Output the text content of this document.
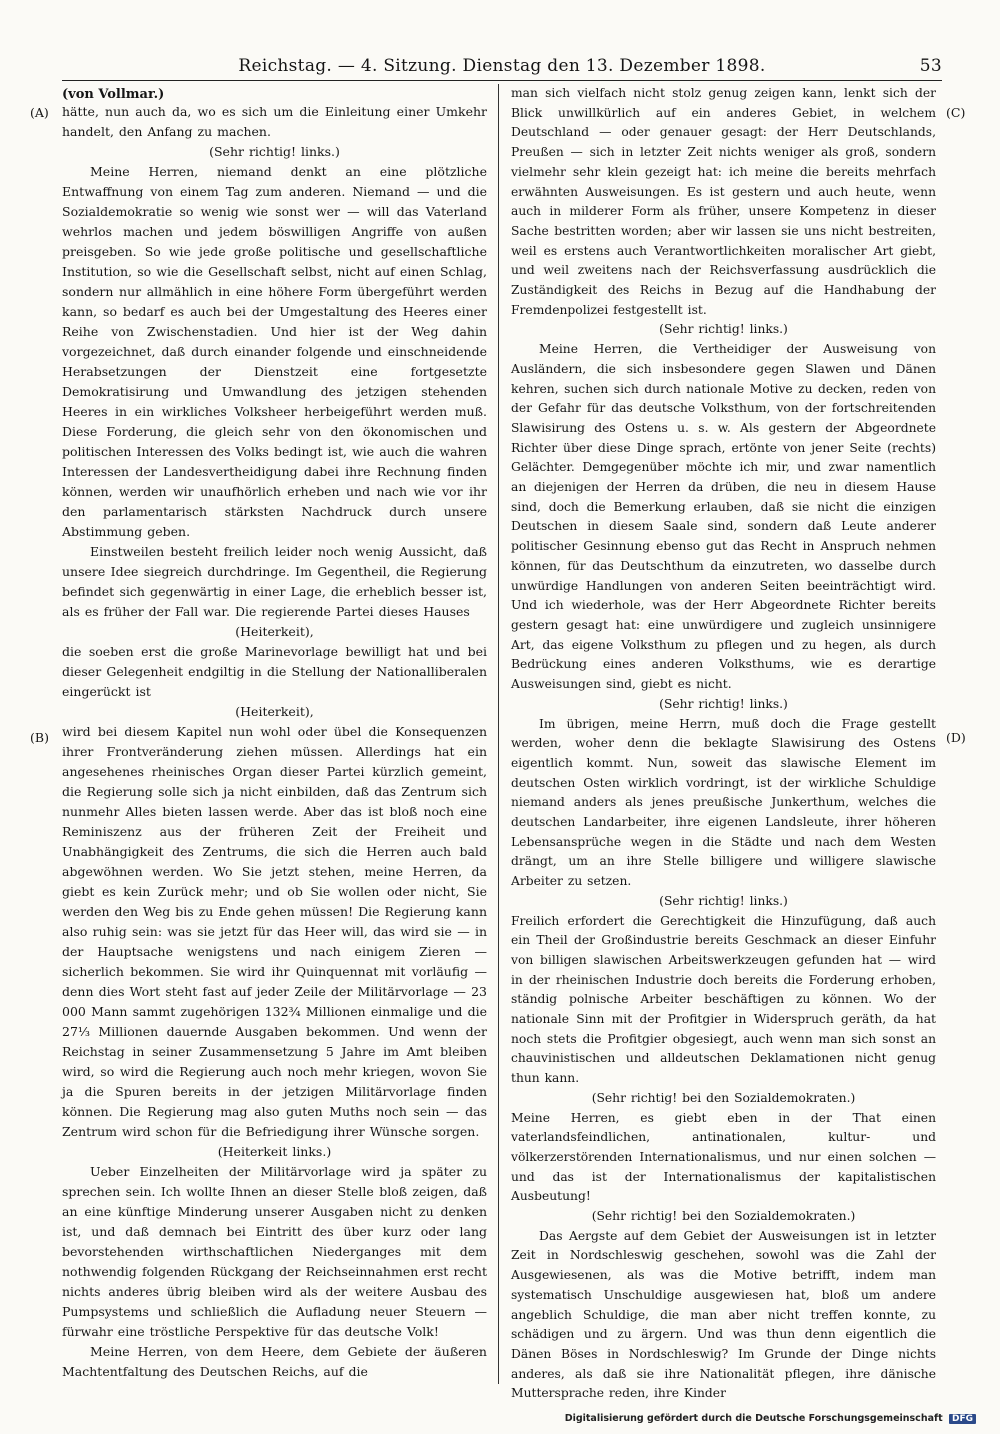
Reichstag. — 4. Sitzung. Dienstag den 13. Dezember 1898.	53
(von Vollmar.)
(A)
(B)
(C)
(D)

hätte, nun auch da, wo es sich um die Einleitung einer Umkehr handelt, den Anfang zu machen.

(Sehr richtig! links.)

Meine Herren, niemand denkt an eine plötzliche Entwaffnung von einem Tag zum anderen. Niemand — und die Sozialdemokratie so wenig wie sonst wer — will das Vaterland wehrlos machen und jedem böswilligen Angriffe von außen preisgeben. So wie jede große politische und gesellschaftliche Institution, so wie die Gesellschaft selbst, nicht auf einen Schlag, sondern nur allmählich in eine höhere Form übergeführt werden kann, so bedarf es auch bei der Umgestaltung des Heeres einer Reihe von Zwischenstadien. Und hier ist der Weg dahin vorgezeichnet, daß durch einander folgende und einschneidende Herabsetzungen der Dienstzeit eine fortgesetzte Demokratisirung und Umwandlung des jetzigen stehenden Heeres in ein wirkliches Volksheer herbeigeführt werden muß. Diese Forderung, die gleich sehr von den ökonomischen und politischen Interessen des Volks bedingt ist, wie auch die wahren Interessen der Landesvertheidigung dabei ihre Rechnung finden können, werden wir unaufhörlich erheben und nach wie vor ihr den parlamentarisch stärksten Nachdruck durch unsere Abstimmung geben.

Einstweilen besteht freilich leider noch wenig Aussicht, daß unsere Idee siegreich durchdringe. Im Gegentheil, die Regierung befindet sich gegenwärtig in einer Lage, die erheblich besser ist, als es früher der Fall war. Die regierende Partei dieses Hauses

(Heiterkeit),

die soeben erst die große Marinevorlage bewilligt hat und bei dieser Gelegenheit endgiltig in die Stellung der Nationalliberalen eingerückt ist

(Heiterkeit),

wird bei diesem Kapitel nun wohl oder übel die Konsequenzen ihrer Frontveränderung ziehen müssen. Allerdings hat ein angesehenes rheinisches Organ dieser Partei kürzlich gemeint, die Regierung solle sich ja nicht einbilden, daß das Zentrum sich nunmehr Alles bieten lassen werde. Aber das ist bloß noch eine Reminiszenz aus der früheren Zeit der Freiheit und Unabhängigkeit des Zentrums, die sich die Herren auch bald abgewöhnen werden. Wo Sie jetzt stehen, meine Herren, da giebt es kein Zurück mehr; und ob Sie wollen oder nicht, Sie werden den Weg bis zu Ende gehen müssen! Die Regierung kann also ruhig sein: was sie jetzt für das Heer will, das wird sie — in der Hauptsache wenigstens und nach einigem Zieren — sicherlich bekommen. Sie wird ihr Quinquennat mit vorläufig — denn dies Wort steht fast auf jeder Zeile der Militärvorlage — 23 000 Mann sammt zugehörigen 132¾ Millionen einmalige und die 27⅓ Millionen dauernde Ausgaben bekommen. Und wenn der Reichstag in seiner Zusammensetzung 5 Jahre im Amt bleiben wird, so wird die Regierung auch noch mehr kriegen, wovon Sie ja die Spuren bereits in der jetzigen Militärvorlage finden können. Die Regierung mag also guten Muths noch sein — das Zentrum wird schon für die Befriedigung ihrer Wünsche sorgen.

(Heiterkeit links.)

Ueber Einzelheiten der Militärvorlage wird ja später zu sprechen sein. Ich wollte Ihnen an dieser Stelle bloß zeigen, daß an eine künftige Minderung unserer Ausgaben nicht zu denken ist, und daß demnach bei Eintritt des über kurz oder lang bevorstehenden wirthschaftlichen Niederganges mit dem nothwendig folgenden Rückgang der Reichseinnahmen erst recht nichts anderes übrig bleiben wird als der weitere Ausbau des Pumpsystems und schließlich die Aufladung neuer Steuern — fürwahr eine tröstliche Perspektive für das deutsche Volk!

Meine Herren, von dem Heere, dem Gebiete der äußeren Machtentfaltung des Deutschen Reichs, auf die

man sich vielfach nicht stolz genug zeigen kann, lenkt sich der Blick unwillkürlich auf ein anderes Gebiet, in welchem Deutschland — oder genauer gesagt: der Herr Deutschlands, Preußen — sich in letzter Zeit nichts weniger als groß, sondern vielmehr sehr klein gezeigt hat: ich meine die bereits mehrfach erwähnten Ausweisungen. Es ist gestern und auch heute, wenn auch in milderer Form als früher, unsere Kompetenz in dieser Sache bestritten worden; aber wir lassen sie uns nicht bestreiten, weil es erstens auch Verantwortlichkeiten moralischer Art giebt, und weil zweitens nach der Reichsverfassung ausdrücklich die Zuständigkeit des Reichs in Bezug auf die Handhabung der Fremdenpolizei festgestellt ist.

(Sehr richtig! links.)

Meine Herren, die Vertheidiger der Ausweisung von Ausländern, die sich insbesondere gegen Slawen und Dänen kehren, suchen sich durch nationale Motive zu decken, reden von der Gefahr für das deutsche Volksthum, von der fortschreitenden Slawisirung des Ostens u. s. w. Als gestern der Abgeordnete Richter über diese Dinge sprach, ertönte von jener Seite (rechts) Gelächter. Demgegenüber möchte ich mir, und zwar namentlich an diejenigen der Herren da drüben, die neu in diesem Hause sind, doch die Bemerkung erlauben, daß sie nicht die einzigen Deutschen in diesem Saale sind, sondern daß Leute anderer politischer Gesinnung ebenso gut das Recht in Anspruch nehmen können, für das Deutschthum da einzutreten, wo dasselbe durch unwürdige Handlungen von anderen Seiten beeinträchtigt wird. Und ich wiederhole, was der Herr Abgeordnete Richter bereits gestern gesagt hat: eine unwürdigere und zugleich unsinnigere Art, das eigene Volksthum zu pflegen und zu hegen, als durch Bedrückung eines anderen Volksthums, wie es derartige Ausweisungen sind, giebt es nicht.

(Sehr richtig! links.)

Im übrigen, meine Herrn, muß doch die Frage gestellt werden, woher denn die beklagte Slawisirung des Ostens eigentlich kommt. Nun, soweit das slawische Element im deutschen Osten wirklich vordringt, ist der wirkliche Schuldige niemand anders als jenes preußische Junkerthum, welches die deutschen Landarbeiter, ihre eigenen Landsleute, ihrer höheren Lebensansprüche wegen in die Städte und nach dem Westen drängt, um an ihre Stelle billigere und willigere slawische Arbeiter zu setzen.

(Sehr richtig! links.)

Freilich erfordert die Gerechtigkeit die Hinzufügung, daß auch ein Theil der Großindustrie bereits Geschmack an dieser Einfuhr von billigen slawischen Arbeitswerkzeugen gefunden hat — wird in der rheinischen Industrie doch bereits die Forderung erhoben, ständig polnische Arbeiter beschäftigen zu können. Wo der nationale Sinn mit der Profitgier in Widerspruch geräth, da hat noch stets die Profitgier obgesiegt, auch wenn man sich sonst an chauvinistischen und alldeutschen Deklamationen nicht genug thun kann.

(Sehr richtig! bei den Sozialdemokraten.)

Meine Herren, es giebt eben in der That einen vaterlandsfeindlichen, antinationalen, kultur- und völkerzerstörenden Internationalismus, und nur einen solchen — und das ist der Internationalismus der kapitalistischen Ausbeutung!

(Sehr richtig! bei den Sozialdemokraten.)

Das Aergste auf dem Gebiet der Ausweisungen ist in letzter Zeit in Nordschleswig geschehen, sowohl was die Zahl der Ausgewiesenen, als was die Motive betrifft, indem man systematisch Unschuldige ausgewiesen hat, bloß um andere angeblich Schuldige, die man aber nicht treffen konnte, zu schädigen und zu ärgern. Und was thun denn eigentlich die Dänen Böses in Nordschleswig? Im Grunde der Dinge nichts anderes, als daß sie ihre Nationalität pflegen, ihre dänische Muttersprache reden, ihre Kinder

Digitalisierung gefördert durch die Deutsche Forschungsgemeinschaft DFG
